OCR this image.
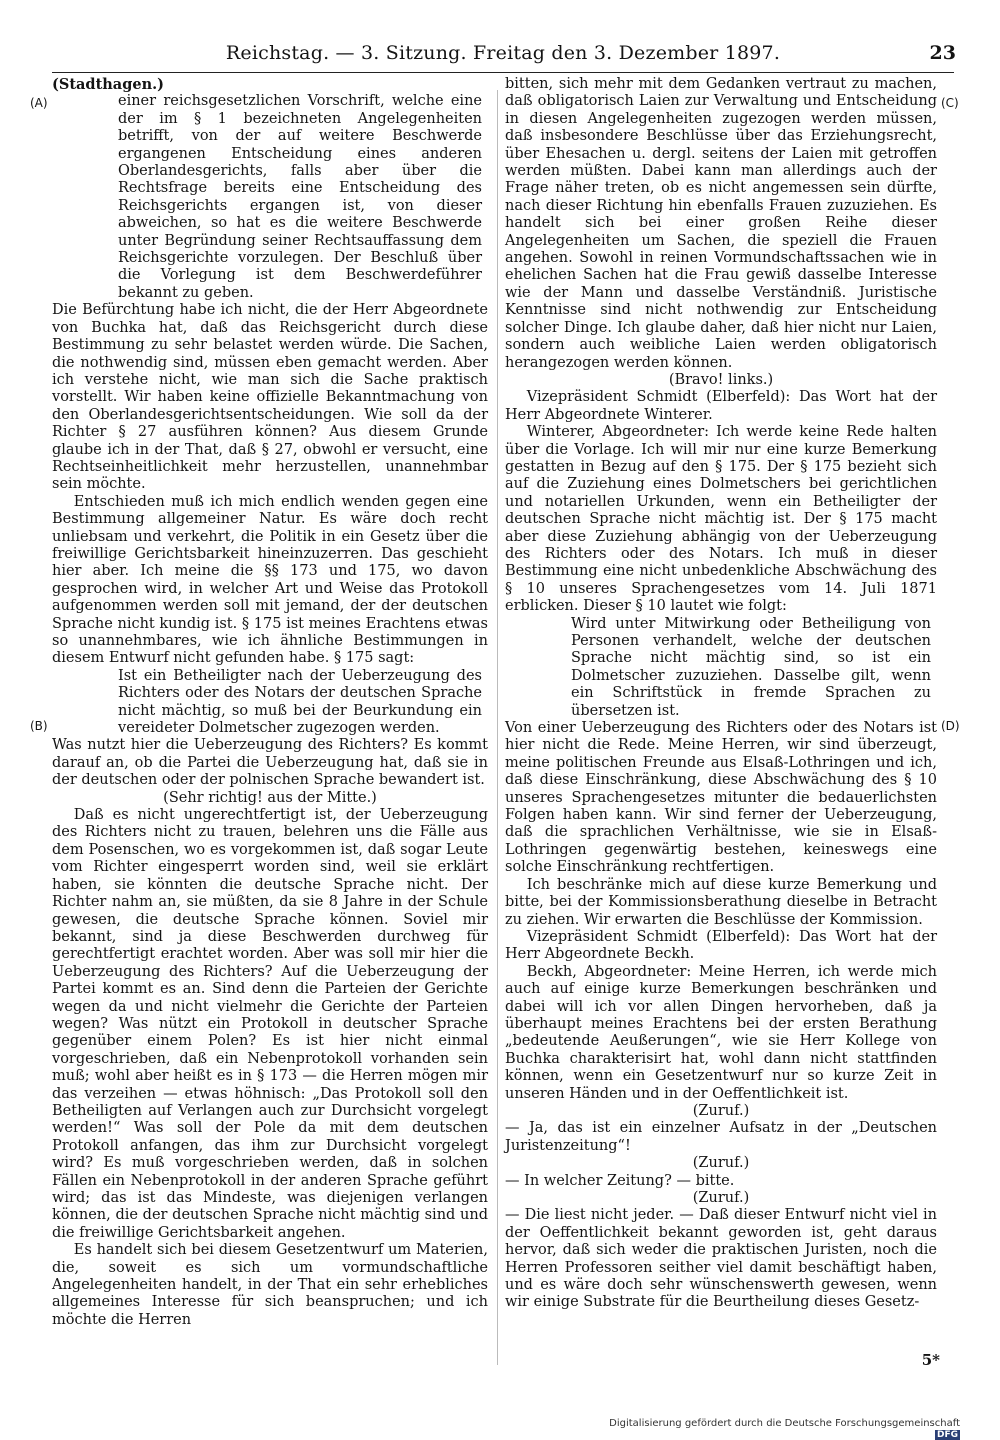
Reichstag. — 3. Sitzung. Freitag den 3. Dezember 1897.	23
(A)
(B)
(C)
(D)

(Stadthagen.)

einer reichsgesetzlichen Vorschrift, welche eine der im § 1 bezeichneten Angelegenheiten betrifft, von der auf weitere Beschwerde ergangenen Entscheidung eines anderen Oberlandesgerichts, falls aber über die Rechtsfrage bereits eine Entscheidung des Reichsgerichts ergangen ist, von dieser abweichen, so hat es die weitere Beschwerde unter Begründung seiner Rechtsauffassung dem Reichsgerichte vorzulegen. Der Beschluß über die Vorlegung ist dem Beschwerdeführer bekannt zu geben.

Die Befürchtung habe ich nicht, die der Herr Abgeordnete von Buchka hat, daß das Reichsgericht durch diese Bestimmung zu sehr belastet werden würde. Die Sachen, die nothwendig sind, müssen eben gemacht werden. Aber ich verstehe nicht, wie man sich die Sache praktisch vorstellt. Wir haben keine offizielle Bekanntmachung von den Oberlandesgerichtsentscheidungen. Wie soll da der Richter § 27 ausführen können? Aus diesem Grunde glaube ich in der That, daß § 27, obwohl er versucht, eine Rechtseinheitlichkeit mehr herzustellen, unannehmbar sein möchte.

Entschieden muß ich mich endlich wenden gegen eine Bestimmung allgemeiner Natur. Es wäre doch recht unliebsam und verkehrt, die Politik in ein Gesetz über die freiwillige Gerichtsbarkeit hineinzuzerren. Das geschieht hier aber. Ich meine die §§ 173 und 175, wo davon gesprochen wird, in welcher Art und Weise das Protokoll aufgenommen werden soll mit jemand, der der deutschen Sprache nicht kundig ist. § 175 ist meines Erachtens etwas so unannehmbares, wie ich ähnliche Bestimmungen in diesem Entwurf nicht gefunden habe. § 175 sagt:

Ist ein Betheiligter nach der Ueberzeugung des Richters oder des Notars der deutschen Sprache nicht mächtig, so muß bei der Beurkundung ein vereideter Dolmetscher zugezogen werden.

Was nutzt hier die Ueberzeugung des Richters? Es kommt darauf an, ob die Partei die Ueberzeugung hat, daß sie in der deutschen oder der polnischen Sprache bewandert ist.

(Sehr richtig! aus der Mitte.)

Daß es nicht ungerechtfertigt ist, der Ueberzeugung des Richters nicht zu trauen, belehren uns die Fälle aus dem Posenschen, wo es vorgekommen ist, daß sogar Leute vom Richter eingesperrt worden sind, weil sie erklärt haben, sie könnten die deutsche Sprache nicht. Der Richter nahm an, sie müßten, da sie 8 Jahre in der Schule gewesen, die deutsche Sprache können. Soviel mir bekannt, sind ja diese Beschwerden durchweg für gerechtfertigt erachtet worden. Aber was soll mir hier die Ueberzeugung des Richters? Auf die Ueberzeugung der Partei kommt es an. Sind denn die Parteien der Gerichte wegen da und nicht vielmehr die Gerichte der Parteien wegen? Was nützt ein Protokoll in deutscher Sprache gegenüber einem Polen? Es ist hier nicht einmal vorgeschrieben, daß ein Nebenprotokoll vorhanden sein muß; wohl aber heißt es in § 173 — die Herren mögen mir das verzeihen — etwas höhnisch: „Das Protokoll soll den Betheiligten auf Verlangen auch zur Durchsicht vorgelegt werden!“ Was soll der Pole da mit dem deutschen Protokoll anfangen, das ihm zur Durchsicht vorgelegt wird? Es muß vorgeschrieben werden, daß in solchen Fällen ein Nebenprotokoll in der anderen Sprache geführt wird; das ist das Mindeste, was diejenigen verlangen können, die der deutschen Sprache nicht mächtig sind und die freiwillige Gerichtsbarkeit angehen.

Es handelt sich bei diesem Gesetzentwurf um Materien, die, soweit es sich um vormundschaftliche Angelegenheiten handelt, in der That ein sehr erhebliches allgemeines Interesse für sich beanspruchen; und ich möchte die Herren

bitten, sich mehr mit dem Gedanken vertraut zu machen, daß obligatorisch Laien zur Verwaltung und Entscheidung in diesen Angelegenheiten zugezogen werden müssen, daß insbesondere Beschlüsse über das Erziehungsrecht, über Ehesachen u. dergl. seitens der Laien mit getroffen werden müßten. Dabei kann man allerdings auch der Frage näher treten, ob es nicht angemessen sein dürfte, nach dieser Richtung hin ebenfalls Frauen zuzuziehen. Es handelt sich bei einer großen Reihe dieser Angelegenheiten um Sachen, die speziell die Frauen angehen. Sowohl in reinen Vormundschaftssachen wie in ehelichen Sachen hat die Frau gewiß dasselbe Interesse wie der Mann und dasselbe Verständniß. Juristische Kenntnisse sind nicht nothwendig zur Entscheidung solcher Dinge. Ich glaube daher, daß hier nicht nur Laien, sondern auch weibliche Laien werden obligatorisch herangezogen werden können.

(Bravo! links.)

Vizepräsident Schmidt (Elberfeld): Das Wort hat der Herr Abgeordnete Winterer.

Winterer, Abgeordneter: Ich werde keine Rede halten über die Vorlage. Ich will mir nur eine kurze Bemerkung gestatten in Bezug auf den § 175. Der § 175 bezieht sich auf die Zuziehung eines Dolmetschers bei gerichtlichen und notariellen Urkunden, wenn ein Betheiligter der deutschen Sprache nicht mächtig ist. Der § 175 macht aber diese Zuziehung abhängig von der Ueberzeugung des Richters oder des Notars. Ich muß in dieser Bestimmung eine nicht unbedenkliche Abschwächung des § 10 unseres Sprachengesetzes vom 14. Juli 1871 erblicken. Dieser § 10 lautet wie folgt:

Wird unter Mitwirkung oder Betheiligung von Personen verhandelt, welche der deutschen Sprache nicht mächtig sind, so ist ein Dolmetscher zuzuziehen. Dasselbe gilt, wenn ein Schriftstück in fremde Sprachen zu übersetzen ist.

Von einer Ueberzeugung des Richters oder des Notars ist hier nicht die Rede. Meine Herren, wir sind überzeugt, meine politischen Freunde aus Elsaß-Lothringen und ich, daß diese Einschränkung, diese Abschwächung des § 10 unseres Sprachengesetzes mitunter die bedauerlichsten Folgen haben kann. Wir sind ferner der Ueberzeugung, daß die sprachlichen Verhältnisse, wie sie in Elsaß-Lothringen gegenwärtig bestehen, keineswegs eine solche Einschränkung rechtfertigen.

Ich beschränke mich auf diese kurze Bemerkung und bitte, bei der Kommissionsberathung dieselbe in Betracht zu ziehen. Wir erwarten die Beschlüsse der Kommission.

Vizepräsident Schmidt (Elberfeld): Das Wort hat der Herr Abgeordnete Beckh.

Beckh, Abgeordneter: Meine Herren, ich werde mich auch auf einige kurze Bemerkungen beschränken und dabei will ich vor allen Dingen hervorheben, daß ja überhaupt meines Erachtens bei der ersten Berathung „bedeutende Aeußerungen“, wie sie Herr Kollege von Buchka charakterisirt hat, wohl dann nicht stattfinden können, wenn ein Gesetzentwurf nur so kurze Zeit in unseren Händen und in der Oeffentlichkeit ist.

(Zuruf.)

— Ja, das ist ein einzelner Aufsatz in der „Deutschen Juristenzeitung“!

(Zuruf.)

— In welcher Zeitung? — bitte.

(Zuruf.)

— Die liest nicht jeder. — Daß dieser Entwurf nicht viel in der Oeffentlichkeit bekannt geworden ist, geht daraus hervor, daß sich weder die praktischen Juristen, noch die Herren Professoren seither viel damit beschäftigt haben, und es wäre doch sehr wünschenswerth gewesen, wenn wir einige Substrate für die Beurtheilung dieses Gesetz-

5*
Digitalisierung gefördert durch die Deutsche Forschungsgemeinschaft DFG
